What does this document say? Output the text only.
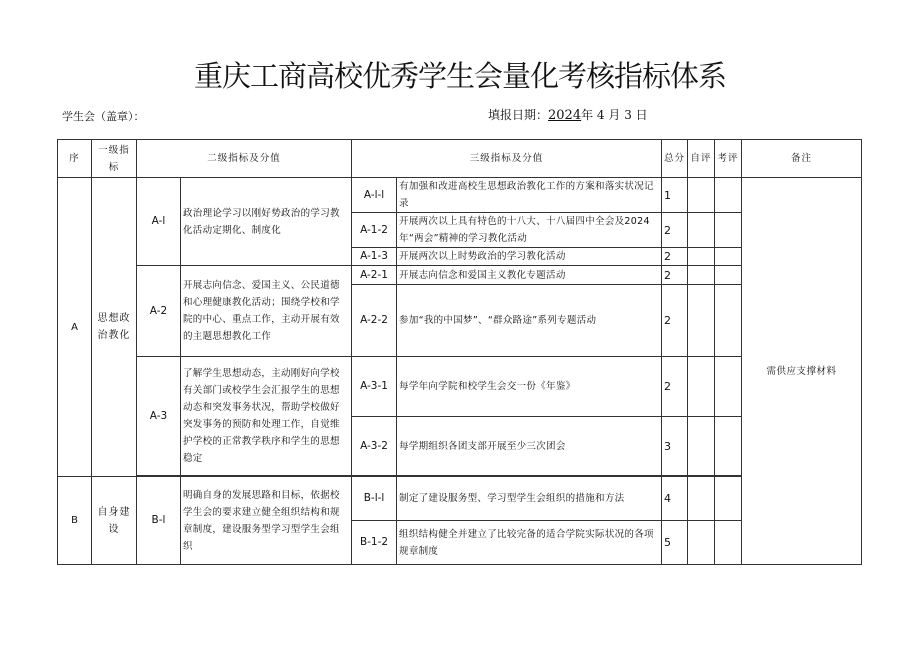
重庆工商高校优秀学生会量化考核指标体系
学生会（盖章）：	填报日期：2024年 4 月 3 日
序	一级指标	二级指标及分值		三级指标及分值		总分	自评	考评	备注
A	思想政治教化	A-l	政治理论学习以刚好势政治的学习教化活动定期化、制度化	A-l-l	有加强和改进高校生思想政治教化工作的方案和落实状况记录	1			需供应支撑材料
				A-1-2	开展两次以上具有特色的十八大、十八届四中全会及2024年“两会”精神的学习教化活动	2			
				A-1-3	开展两次以上时势政治的学习教化活动	2			
		A-2	开展志向信念、爱国主义、公民道德和心理健康教化活动；围绕学校和学院的中心、重点工作，主动开展有效的主题思想教化工作	A-2-1	开展志向信念和爱国主义教化专题活动	2			
				A-2-2	参加“我的中国梦”、“群众路途”系列专题活动	2			
		A-3	了解学生思想动态，主动刚好向学校有关部门或校学生会汇报学生的思想动态和突发事务状况，帮助学校做好突发事务的预防和处理工作，自觉维护学校的正常教学秩序和学生的思想稳定	A-3-1	每学年向学院和校学生会交一份《年鉴》	2			
				A-3-2	每学期组织各团支部开展至少三次团会	3			

B	自身建设	B-l	明确自身的发展思路和目标，依据校学生会的要求建立健全组织结构和规章制度，建设服务型学习型学生会组织	B-l-l	制定了建设服务型、学习型学生会组织的措施和方法	4			
				B-1-2	组织结构健全并建立了比较完备的适合学院实际状况的各项规章制度	5			
